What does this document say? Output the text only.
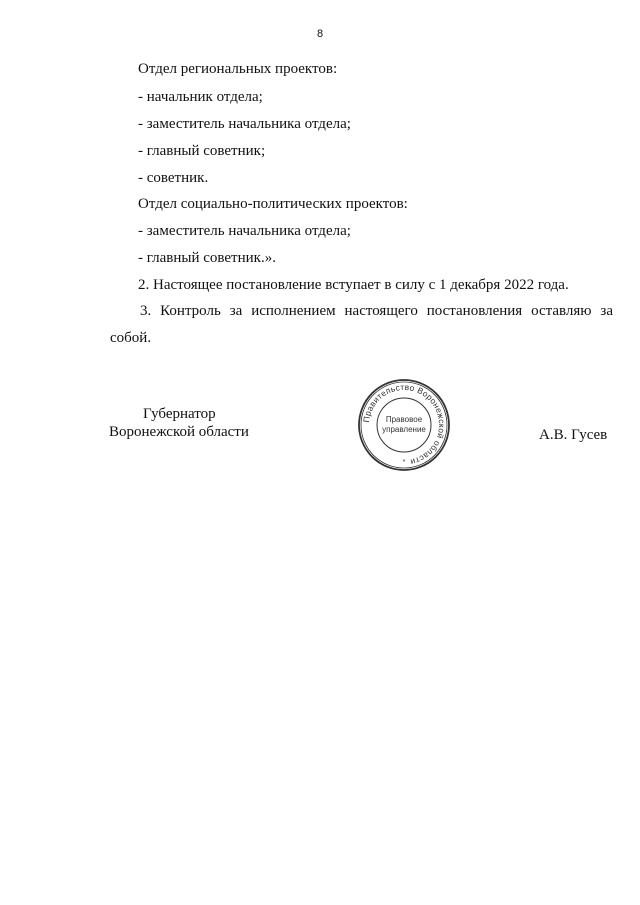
8
Отдел региональных проектов:
- начальник отдела;
- заместитель начальника отдела;
- главный советник;
- советник.
Отдел социально-политических проектов:
- заместитель начальника отдела;
- главный советник.».
2. Настоящее постановление вступает в силу с 1 декабря 2022 года.
3. Контроль за исполнением настоящего постановления оставляю за
собой.
Губернатор
Воронежской области	А.В. Гусев
Правительство Воронежской области
Правовое
управление
*
